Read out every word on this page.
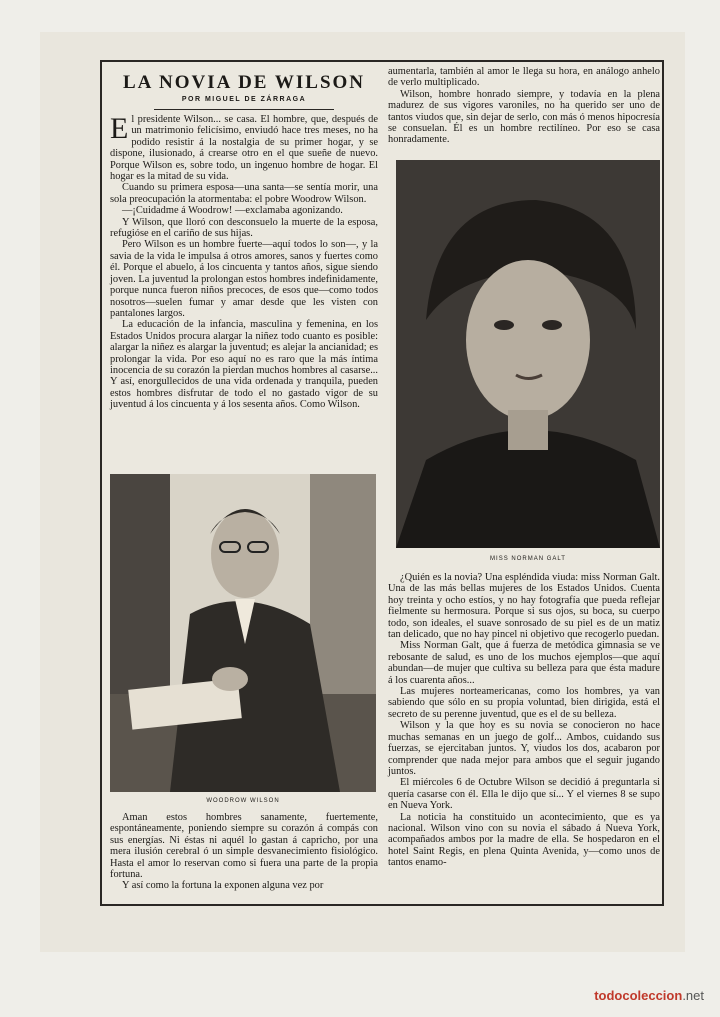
LA NOVIA DE WILSON
POR MIGUEL DE ZÁRRAGA

El presidente Wilson... se casa. El hombre, que, después de un matrimonio felicísimo, enviudó hace tres meses, no ha podido resistir á la nostalgia de su primer hogar, y se dispone, ilusionado, á crearse otro en el que sueñe de nuevo. Porque Wilson es, sobre todo, un ingenuo hombre de hogar. El hogar es la mitad de su vida.

Cuando su primera esposa—una santa—se sentía morir, una sola preocupación la atormentaba: el pobre Woodrow Wilson.

—¡Cuidadme á Woodrow! —exclamaba agonizando.

Y Wilson, que lloró con desconsuelo la muerte de la esposa, refugióse en el cariño de sus hijas.

Pero Wilson es un hombre fuerte—aquí todos lo son—, y la savia de la vida le impulsa á otros amores, sanos y fuertes como él. Porque el abuelo, á los cincuenta y tantos años, sigue siendo joven. La juventud la prolongan estos hombres indefinidamente, porque nunca fueron niños precoces, de esos que—como todos nosotros—suelen fumar y amar desde que les visten con pantalones largos.

La educación de la infancia, masculina y femenina, en los Estados Unidos procura alargar la niñez todo cuanto es posible: alargar la niñez es alargar la juventud; es alejar la ancianidad; es prolongar la vida. Por eso aquí no es raro que la más íntima inocencia de su corazón la pierdan muchos hombres al casarse... Y así, enorgullecidos de una vida ordenada y tranquila, pueden estos hombres disfrutar de todo el no gastado vigor de su juventud á los cincuenta y á los sesenta años. Como Wilson.

WOODROW WILSON

Aman estos hombres sanamente, fuertemente, espontáneamente, poniendo siempre su corazón á compás con sus energías. Ni éstas ni aquél lo gastan á capricho, por una mera ilusión cerebral ó un simple desvanecimiento fisiológico. Hasta el amor lo reservan como si fuera una parte de la propia fortuna.

Y así como la fortuna la exponen alguna vez por

aumentarla, también al amor le llega su hora, en análogo anhelo de verlo multiplicado.

Wilson, hombre honrado siempre, y todavía en la plena madurez de sus vigores varoniles, no ha querido ser uno de tantos viudos que, sin dejar de serlo, con más ó menos hipocresía se consuelan. Él es un hombre rectilíneo. Por eso se casa honradamente.

MISS NORMAN GALT

¿Quién es la novia? Una espléndida viuda: miss Norman Galt. Una de las más bellas mujeres de los Estados Unidos. Cuenta hoy treinta y ocho estíos, y no hay fotografía que pueda reflejar fielmente su hermosura. Porque si sus ojos, su boca, su cuerpo todo, son ideales, el suave sonrosado de su piel es de un matiz tan delicado, que no hay pincel ni objetivo que recogerlo puedan.

Miss Norman Galt, que á fuerza de metódica gimnasia se ve rebosante de salud, es uno de los muchos ejemplos—que aquí abundan—de mujer que cultiva su belleza para que ésta madure á los cuarenta años...

Las mujeres norteamericanas, como los hombres, ya van sabiendo que sólo en su propia voluntad, bien dirigida, está el secreto de su perenne juventud, que es el de su belleza.

Wilson y la que hoy es su novia se conocieron no hace muchas semanas en un juego de golf... Ambos, cuidando sus fuerzas, se ejercitaban juntos. Y, viudos los dos, acabaron por comprender que nada mejor para ambos que el seguir jugando juntos.

El miércoles 6 de Octubre Wilson se decidió á preguntarla si quería casarse con él. Ella le dijo que sí... Y el viernes 8 se supo en Nueva York.

La noticia ha constituido un acontecimiento, que es ya nacional. Wilson vino con su novia el sábado á Nueva York, acompañados ambos por la madre de ella. Se hospedaron en el hotel Saint Regis, en plena Quinta Avenida, y—como unos de tantos enamo-

todocoleccion.net
